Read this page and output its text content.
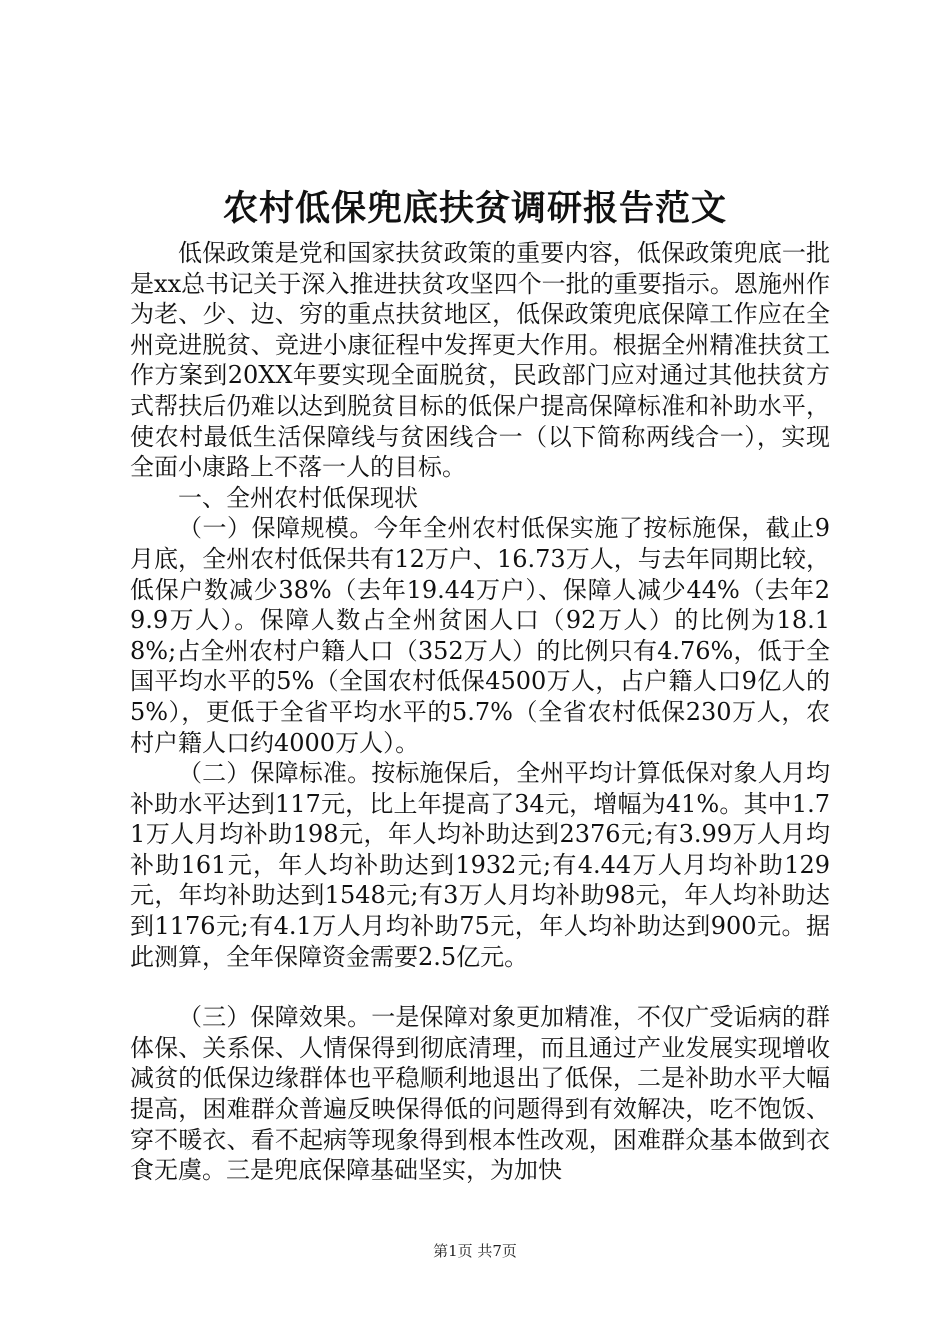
农村低保兜底扶贫调研报告范文

低保政策是党和国家扶贫政策的重要内容，低保政策兜底一批是xx总书记关于深入推进扶贫攻坚四个一批的重要指示。恩施州作为老、少、边、穷的重点扶贫地区，低保政策兜底保障工作应在全州竞进脱贫、竞进小康征程中发挥更大作用。根据全州精准扶贫工作方案到20XX年要实现全面脱贫，民政部门应对通过其他扶贫方式帮扶后仍难以达到脱贫目标的低保户提高保障标准和补助水平，使农村最低生活保障线与贫困线合一（以下简称两线合一），实现全面小康路上不落一人的目标。

一、全州农村低保现状

（一）保障规模。今年全州农村低保实施了按标施保，截止9月底，全州农村低保共有12万户、16.73万人，与去年同期比较，低保户数减少38%（去年19.44万户）、保障人减少44%（去年29.9万人）。保障人数占全州贫困人口（92万人）的比例为18.18%;占全州农村户籍人口（352万人）的比例只有4.76%，低于全国平均水平的5%（全国农村低保4500万人，占户籍人口9亿人的5%），更低于全省平均水平的5.7%（全省农村低保230万人，农村户籍人口约4000万人）。

（二）保障标准。按标施保后，全州平均计算低保对象人月均补助水平达到117元，比上年提高了34元，增幅为41%。其中1.71万人月均补助198元，年人均补助达到2376元;有3.99万人月均补助161元，年人均补助达到1932元;有4.44万人月均补助129元，年均补助达到1548元;有3万人月均补助98元，年人均补助达到1176元;有4.1万人月均补助75元，年人均补助达到900元。据此测算，全年保障资金需要2.5亿元。

（三）保障效果。一是保障对象更加精准，不仅广受诟病的群体保、关系保、人情保得到彻底清理，而且通过产业发展实现增收减贫的低保边缘群体也平稳顺利地退出了低保，二是补助水平大幅提高，困难群众普遍反映保得低的问题得到有效解决，吃不饱饭、穿不暖衣、看不起病等现象得到根本性改观，困难群众基本做到衣食无虞。三是兜底保障基础坚实，为加快

第1页 共7页
